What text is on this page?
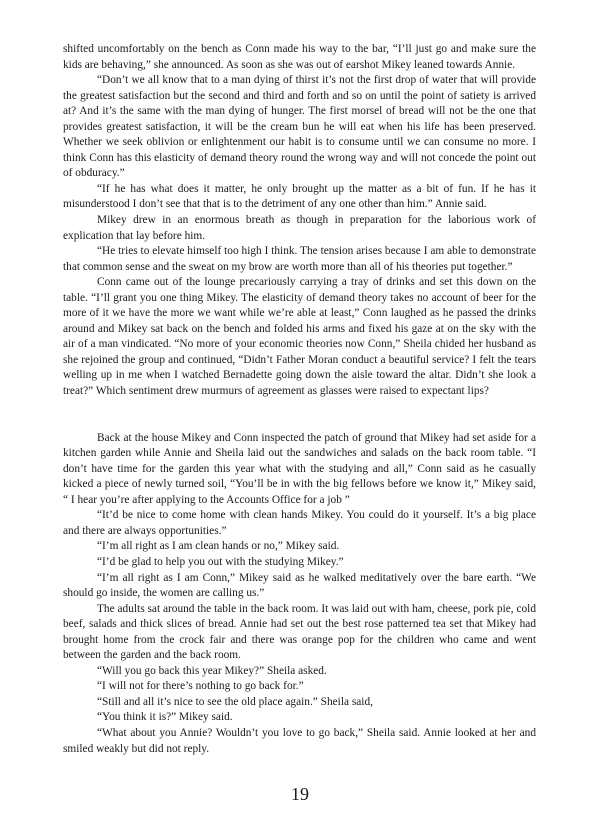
shifted uncomfortably on the bench as Conn made his way to the bar, “I’ll just go and make sure the kids are behaving,” she announced. As soon as she was out of earshot Mikey leaned towards Annie.

“Don’t we all know that to a man dying of thirst it’s not the first drop of water that will provide the greatest satisfaction but the second and third and forth and so on until the point of satiety is arrived at? And it’s the same with the man dying of hunger. The first morsel of bread will not be the one that provides greatest satisfaction, it will be the cream bun he will eat when his life has been preserved. Whether we seek oblivion or enlightenment our habit is to consume until we can consume no more. I think Conn has this elasticity of demand theory round the wrong way and will not concede the point out of obduracy.”

“If he has what does it matter, he only brought up the matter as a bit of fun. If he has it misunderstood I don’t see that that is to the detriment of any one other than him.” Annie said.

Mikey drew in an enormous breath as though in preparation for the laborious work of explication that lay before him.

“He tries to elevate himself too high I think. The tension arises because I am able to demonstrate that common sense and the sweat on my brow are worth more than all of his theories put together.”

Conn came out of the lounge precariously carrying a tray of drinks and set this down on the table. “I’ll grant you one thing Mikey. The elasticity of demand theory takes no account of beer for the more of it we have the more we want while we’re able at least,” Conn laughed as he passed the drinks around and Mikey sat back on the bench and folded his arms and fixed his gaze at on the sky with the air of a man vindicated. “No more of your economic theories now Conn,” Sheila chided her husband as she rejoined the group and continued, “Didn’t Father Moran conduct a beautiful service? I felt the tears welling up in me when I watched Bernadette going down the aisle toward the altar. Didn’t she look a treat?” Which sentiment drew murmurs of agreement as glasses were raised to expectant lips?

Back at the house Mikey and Conn inspected the patch of ground that Mikey had set aside for a kitchen garden while Annie and Sheila laid out the sandwiches and salads on the back room table. “I don’t have time for the garden this year what with the studying and all,” Conn said as he casually kicked a piece of newly turned soil, “You’ll be in with the big fellows before we know it,” Mikey said, “ I hear you’re after applying to the Accounts Office for a job ”

“It’d be nice to come home with clean hands Mikey. You could do it yourself. It’s a big place and there are always opportunities.”

“I’m all right as I am clean hands or no,” Mikey said.

“I’d be glad to help you out with the studying Mikey.”

“I’m all right as I am Conn,” Mikey said as he walked meditatively over the bare earth. “We should go inside, the women are calling us.”

The adults sat around the table in the back room. It was laid out with ham, cheese, pork pie, cold beef, salads and thick slices of bread. Annie had set out the best rose patterned tea set that Mikey had brought home from the crock fair and there was orange pop for the children who came and went between the garden and the back room.

“Will you go back this year Mikey?” Sheila asked.

“I will not for there’s nothing to go back for.”

“Still and all it’s nice to see the old place again.” Sheila said,

“You think it is?” Mikey said.

“What about you Annie? Wouldn’t you love to go back,” Sheila said. Annie looked at her and smiled weakly but did not reply.

19
